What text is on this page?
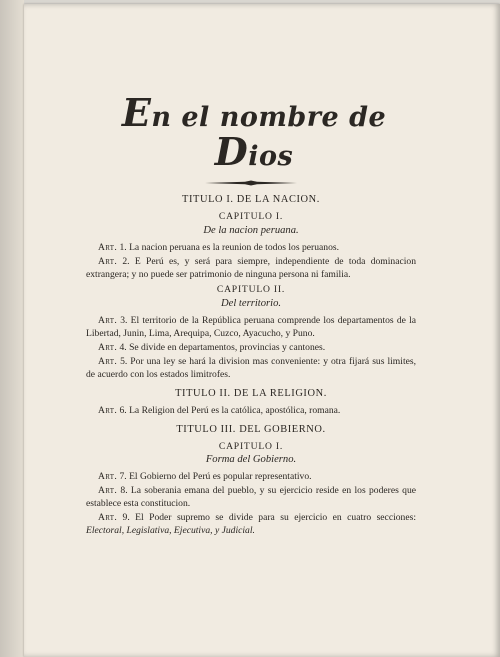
En el nombre de Dios
TITULO I. DE LA NACION.
CAPITULO I.
De la nacion peruana.

Art. 1. La nacion peruana es la reunion de todos los peruanos.

Art. 2. E Perú es, y será para siempre, independiente de toda dominacion extrangera; y no puede ser patrimonio de ninguna persona ni familia.

CAPITULO II.
Del territorio.

Art. 3. El territorio de la República peruana comprende los departamentos de la Libertad, Junin, Lima, Arequipa, Cuzco, Ayacucho, y Puno.

Art. 4. Se divide en departamentos, provincias y cantones.

Art. 5. Por una ley se hará la division mas conveniente: y otra fijará sus limites, de acuerdo con los estados limitrofes.

TITULO II. DE LA RELIGION.

Art. 6. La Religion del Perú es la católica, apostólica, romana.

TITULO III. DEL GOBIERNO.
CAPITULO I.
Forma del Gobierno.

Art. 7. El Gobierno del Perú es popular representativo.

Art. 8. La soberania emana del pueblo, y su ejercicio reside en los poderes que establece esta constitucion.

Art. 9. El Poder supremo se divide para su ejercicio en cuatro secciones: Electoral, Legislativa, Ejecutiva, y Judicial.
